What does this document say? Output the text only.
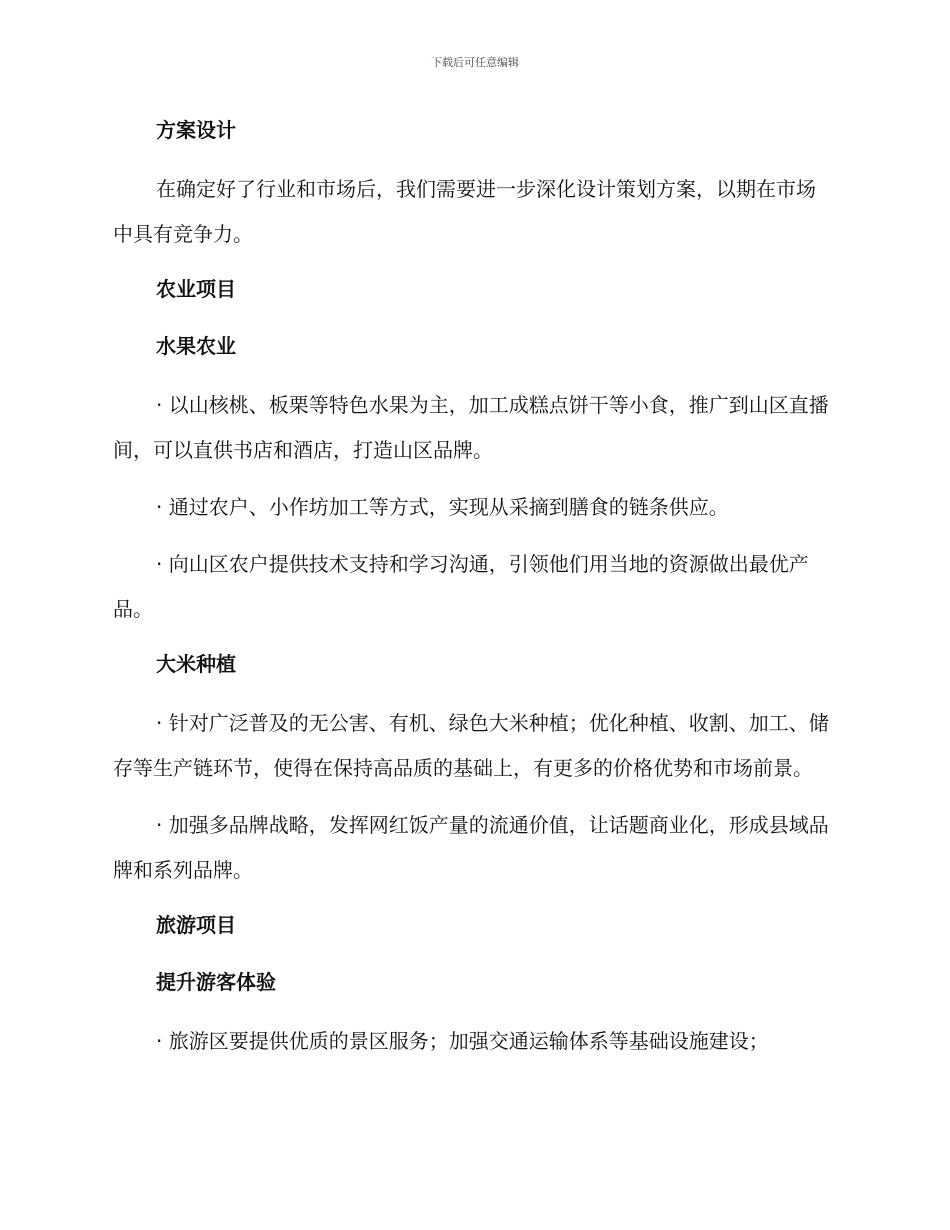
下载后可任意编辑
方案设计
在确定好了行业和市场后，我们需要进一步深化设计策划方案，以期在市场中具有竞争力。
农业项目
水果农业
· 以山核桃、板栗等特色水果为主，加工成糕点饼干等小食，推广到山区直播间，可以直供书店和酒店，打造山区品牌。
· 通过农户、小作坊加工等方式，实现从采摘到膳食的链条供应。
· 向山区农户提供技术支持和学习沟通，引领他们用当地的资源做出最优产品。
大米种植
· 针对广泛普及的无公害、有机、绿色大米种植；优化种植、收割、加工、储存等生产链环节，使得在保持高品质的基础上，有更多的价格优势和市场前景。
· 加强多品牌战略，发挥网红饭产量的流通价值，让话题商业化，形成县域品牌和系列品牌。
旅游项目
提升游客体验
· 旅游区要提供优质的景区服务；加强交通运输体系等基础设施建设；
